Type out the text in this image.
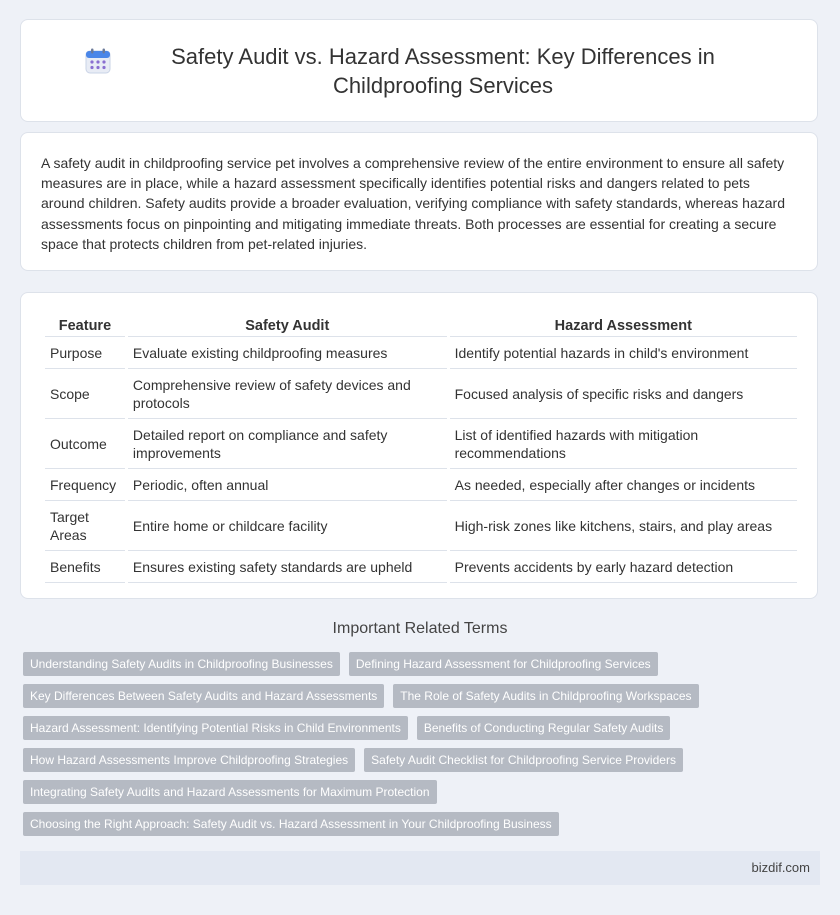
Safety Audit vs. Hazard Assessment: Key Differences in Childproofing Services

A safety audit in childproofing service pet involves a comprehensive review of the entire environment to ensure all safety measures are in place, while a hazard assessment specifically identifies potential risks and dangers related to pets around children. Safety audits provide a broader evaluation, verifying compliance with safety standards, whereas hazard assessments focus on pinpointing and mitigating immediate threats. Both processes are essential for creating a secure space that protects children from pet-related injuries.

Feature	Safety Audit	Hazard Assessment
Purpose	Evaluate existing childproofing measures	Identify potential hazards in child's environment
Scope	Comprehensive review of safety devices and protocols	Focused analysis of specific risks and dangers
Outcome	Detailed report on compliance and safety improvements	List of identified hazards with mitigation recommendations
Frequency	Periodic, often annual	As needed, especially after changes or incidents
Target Areas	Entire home or childcare facility	High-risk zones like kitchens, stairs, and play areas
Benefits	Ensures existing safety standards are upheld	Prevents accidents by early hazard detection
Important Related Terms
Understanding Safety Audits in Childproofing Businesses	Defining Hazard Assessment for Childproofing Services
Key Differences Between Safety Audits and Hazard Assessments	The Role of Safety Audits in Childproofing Workspaces
Hazard Assessment: Identifying Potential Risks in Child Environments	Benefits of Conducting Regular Safety Audits
How Hazard Assessments Improve Childproofing Strategies	Safety Audit Checklist for Childproofing Service Providers
Integrating Safety Audits and Hazard Assessments for Maximum Protection
Choosing the Right Approach: Safety Audit vs. Hazard Assessment in Your Childproofing Business
bizdif.com
